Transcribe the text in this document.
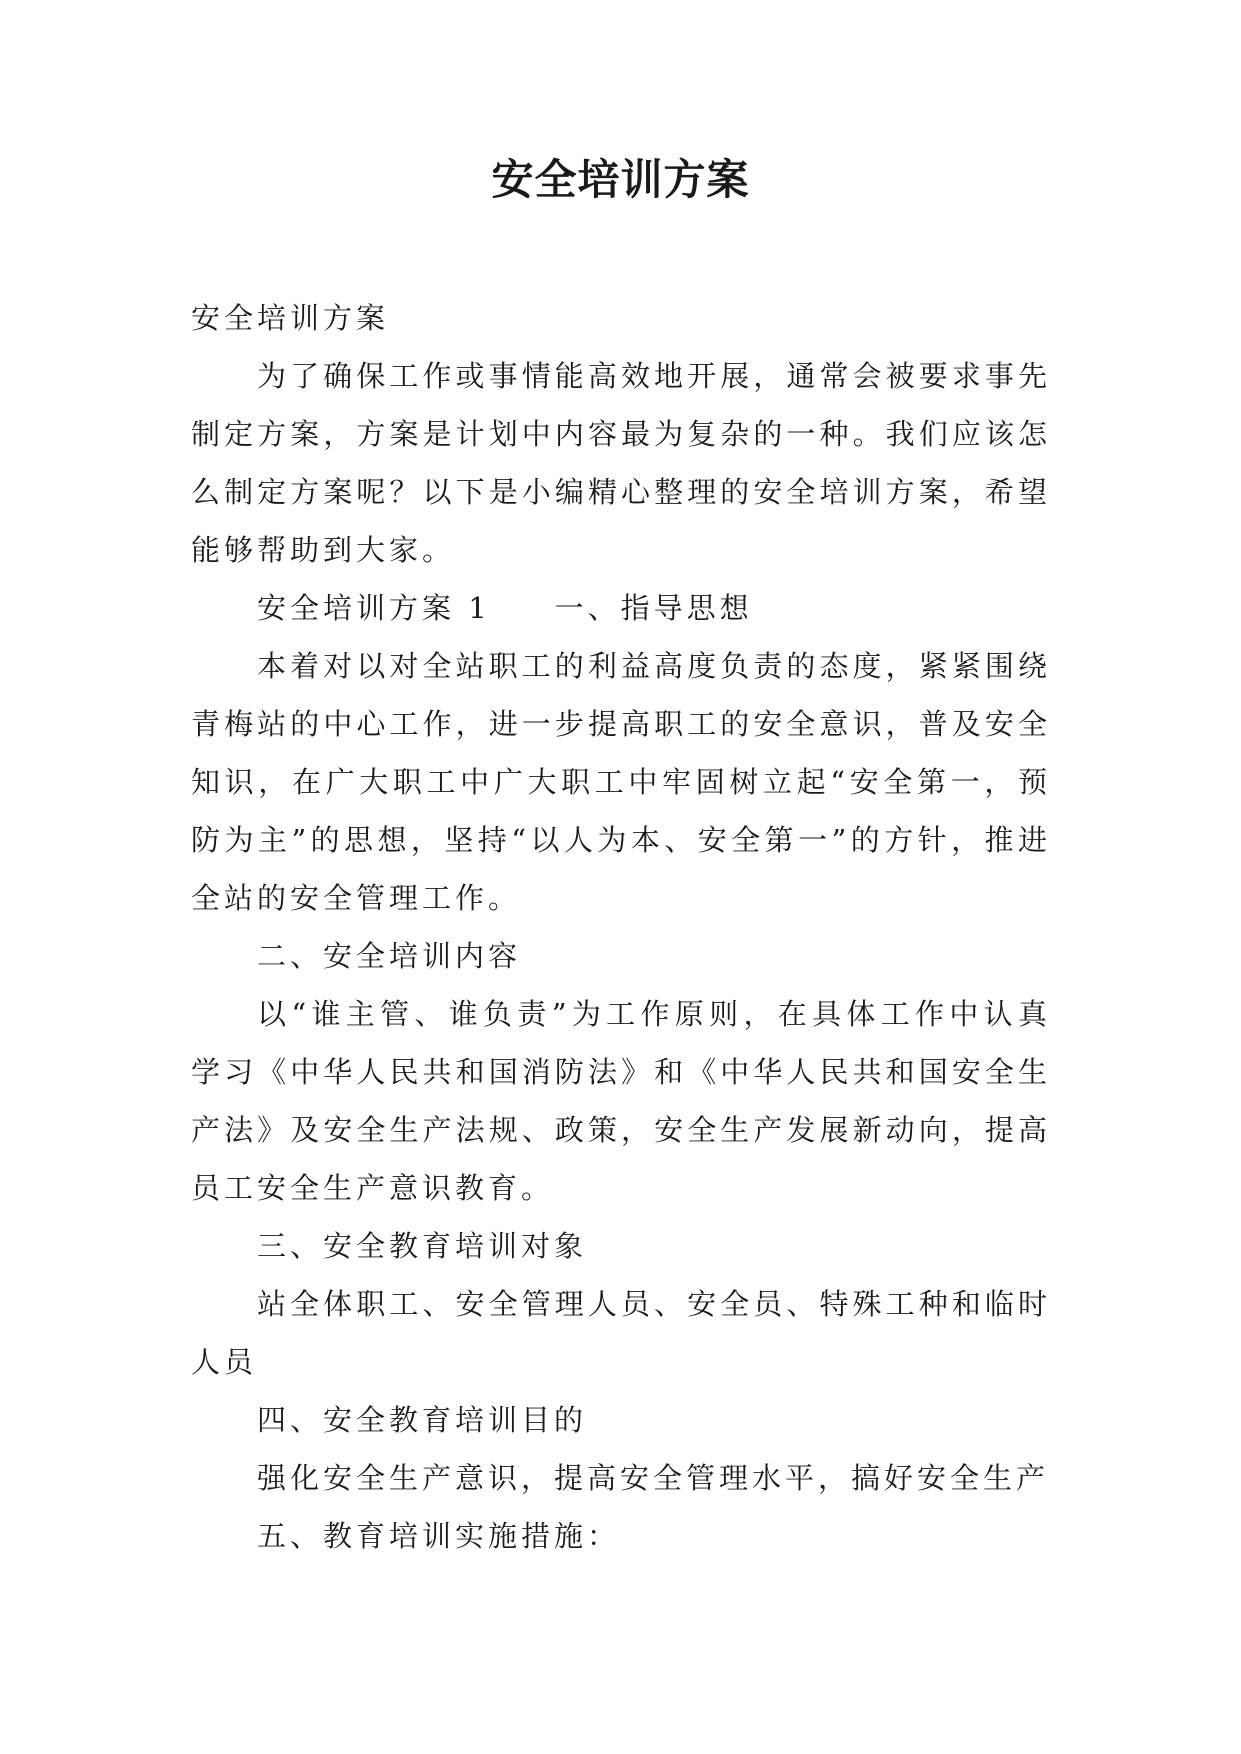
安全培训方案

安全培训方案

为了确保工作或事情能高效地开展，通常会被要求事先制定方案，方案是计划中内容最为复杂的一种。我们应该怎么制定方案呢？以下是小编精心整理的安全培训方案，希望能够帮助到大家。

安全培训方案 1 一、指导思想

本着对以对全站职工的利益高度负责的态度，紧紧围绕青梅站的中心工作，进一步提高职工的安全意识，普及安全知识，在广大职工中广大职工中牢固树立起“安全第一，预防为主”的思想，坚持“以人为本、安全第一”的方针，推进全站的安全管理工作。

二、安全培训内容

以“谁主管、谁负责”为工作原则，在具体工作中认真学习《中华人民共和国消防法》和《中华人民共和国安全生产法》及安全生产法规、政策，安全生产发展新动向，提高员工安全生产意识教育。

三、安全教育培训对象

站全体职工、安全管理人员、安全员、特殊工种和临时人员

四、安全教育培训目的

强化安全生产意识，提高安全管理水平，搞好安全生产

五、教育培训实施措施：
